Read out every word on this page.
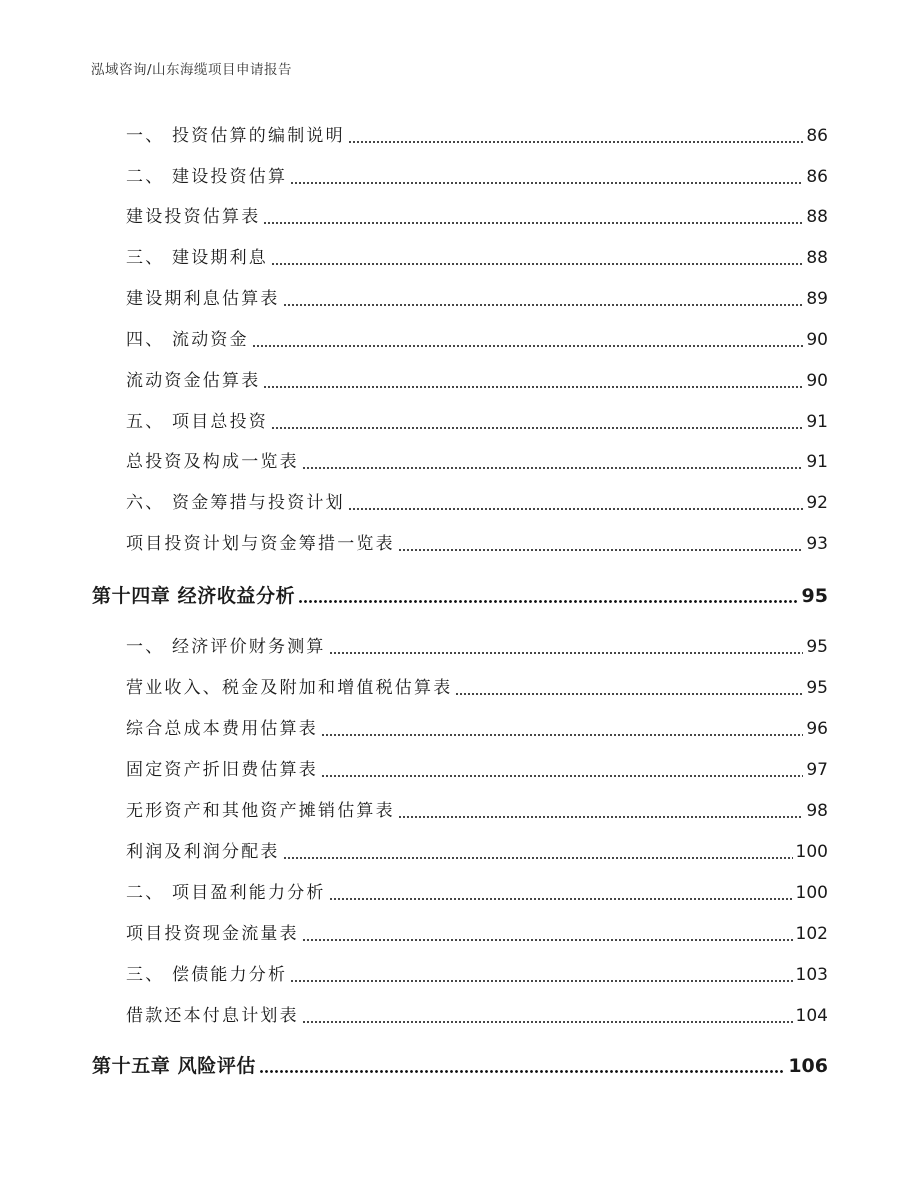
泓域咨询/山东海缆项目申请报告
一、 投资估算的编制说明	86
二、 建设投资估算	86
建设投资估算表	88
三、 建设期利息	88
建设期利息估算表	89
四、 流动资金	90
流动资金估算表	90
五、 项目总投资	91
总投资及构成一览表	91
六、 资金筹措与投资计划	92
项目投资计划与资金筹措一览表	93
第十四章 经济收益分析	95
一、 经济评价财务测算	95
营业收入、税金及附加和增值税估算表	95
综合总成本费用估算表	96
固定资产折旧费估算表	97
无形资产和其他资产摊销估算表	98
利润及利润分配表	100
二、 项目盈利能力分析	100
项目投资现金流量表	102
三、 偿债能力分析	103
借款还本付息计划表	104
第十五章 风险评估	106
